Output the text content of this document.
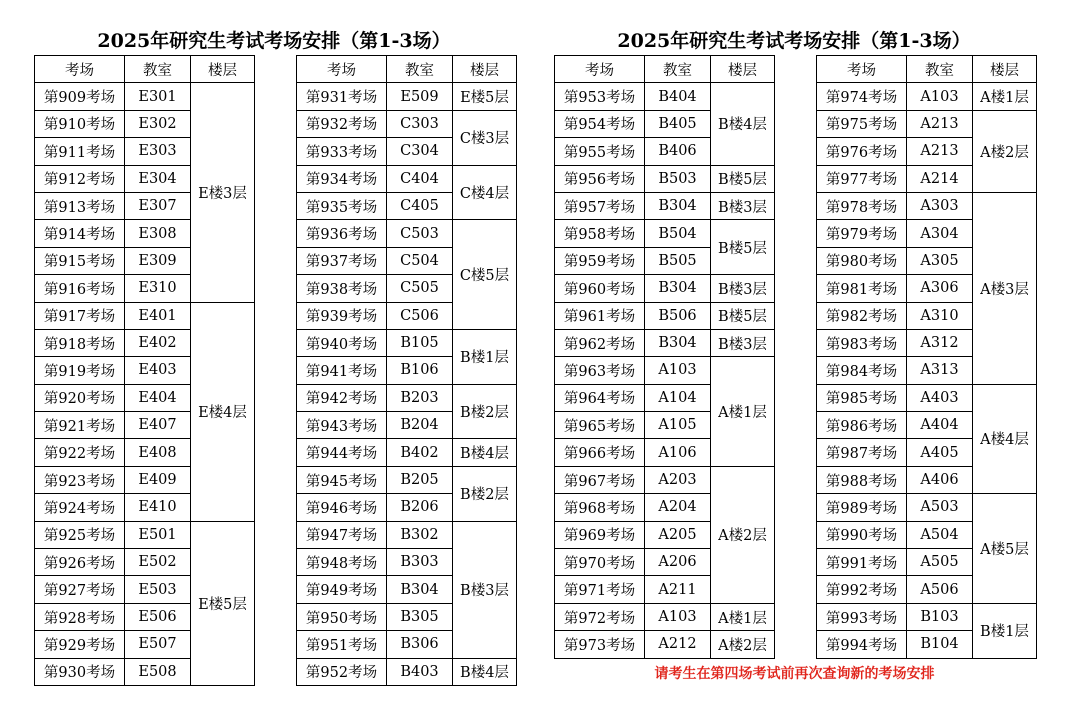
2025年研究生考试考场安排（第1-3场）	2025年研究生考试考场安排（第1-3场）
考场	教室	楼层
第909考场	E301	E楼3层
第910考场	E302	
第911考场	E303	
第912考场	E304	
第913考场	E307	
第914考场	E308	
第915考场	E309	
第916考场	E310	
第917考场	E401	E楼4层
第918考场	E402	
第919考场	E403	
第920考场	E404	
第921考场	E407	
第922考场	E408	
第923考场	E409	
第924考场	E410	
第925考场	E501	E楼5层
第926考场	E502	
第927考场	E503	
第928考场	E506	
第929考场	E507	
第930考场	E508	
考场	教室	楼层
第931考场	E509	E楼5层
第932考场	C303	C楼3层
第933考场	C304	
第934考场	C404	C楼4层
第935考场	C405	
第936考场	C503	C楼5层
第937考场	C504	
第938考场	C505	
第939考场	C506	
第940考场	B105	B楼1层
第941考场	B106	
第942考场	B203	B楼2层
第943考场	B204	
第944考场	B402	B楼4层
第945考场	B205	B楼2层
第946考场	B206	
第947考场	B302	B楼3层
第948考场	B303	
第949考场	B304	
第950考场	B305	
第951考场	B306	
第952考场	B403	B楼4层
考场	教室	楼层
第953考场	B404	B楼4层
第954考场	B405	
第955考场	B406	
第956考场	B503	B楼5层
第957考场	B304	B楼3层
第958考场	B504	B楼5层
第959考场	B505	
第960考场	B304	B楼3层
第961考场	B506	B楼5层
第962考场	B304	B楼3层
第963考场	A103	A楼1层
第964考场	A104	
第965考场	A105	
第966考场	A106	
第967考场	A203	A楼2层
第968考场	A204	
第969考场	A205	
第970考场	A206	
第971考场	A211	
第972考场	A103	A楼1层
第973考场	A212	A楼2层
考场	教室	楼层
第974考场	A103	A楼1层
第975考场	A213	A楼2层
第976考场	A213	
第977考场	A214	
第978考场	A303	A楼3层
第979考场	A304	
第980考场	A305	
第981考场	A306	
第982考场	A310	
第983考场	A312	
第984考场	A313	
第985考场	A403	A楼4层
第986考场	A404	
第987考场	A405	
第988考场	A406	
第989考场	A503	A楼5层
第990考场	A504	
第991考场	A505	
第992考场	A506	
第993考场	B103	B楼1层
第994考场	B104	
请考生在第四场考试前再次查询新的考场安排
